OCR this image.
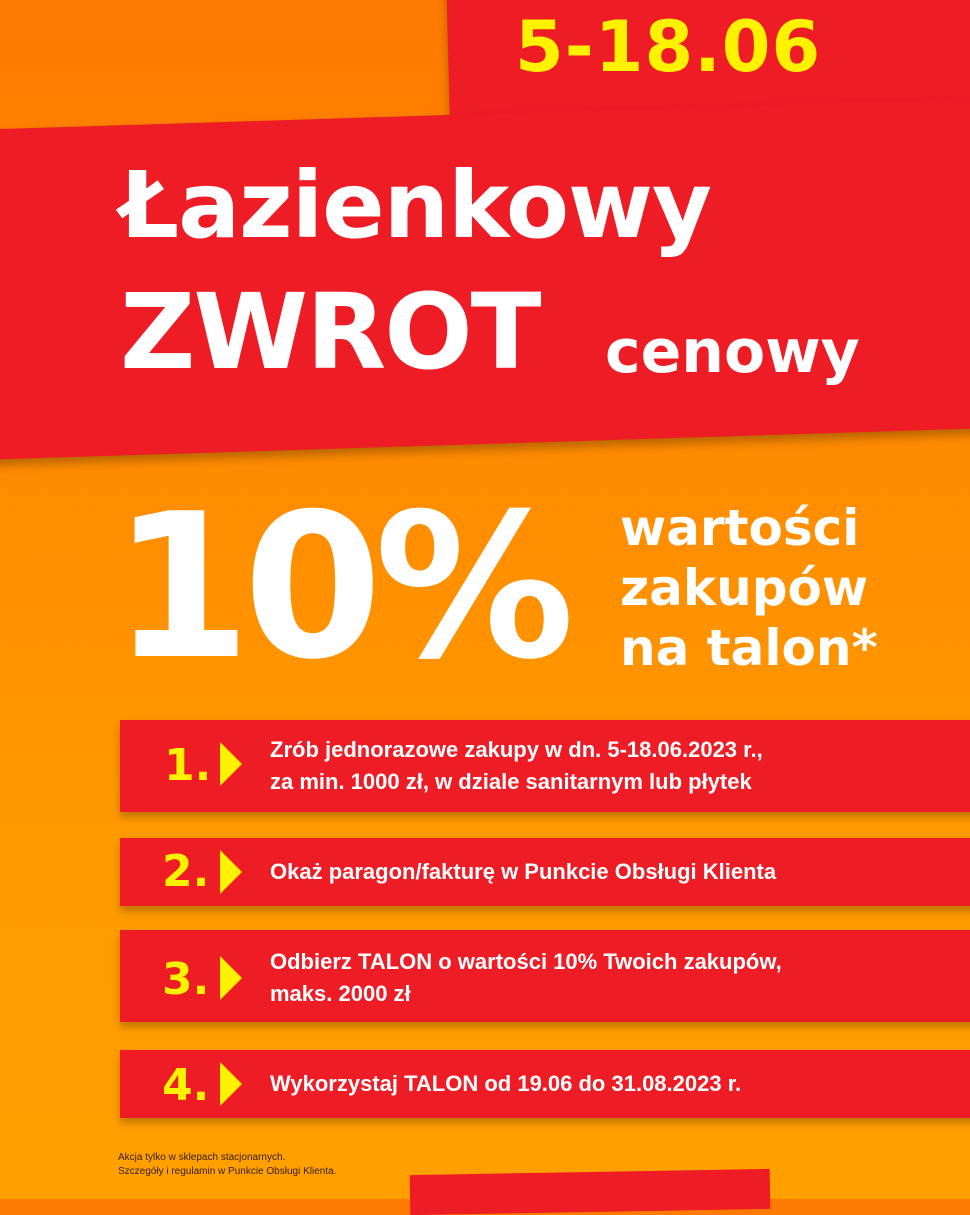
5-18.06
Łazienkowy
ZWROT cenowy
10% wartości
zakupów
na talon*
1.	Zrób jednorazowe zakupy w dn. 5-18.06.2023 r.,
za min. 1000 zł, w dziale sanitarnym lub płytek
2.	Okaż paragon/fakturę w Punkcie Obsługi Klienta
3.	Odbierz TALON o wartości 10% Twoich zakupów,
maks. 2000 zł
4.	Wykorzystaj TALON od 19.06 do 31.08.2023 r.
Akcja tylko w sklepach stacjonarnych.
Szczegóły i regulamin w Punkcie Obsługi Klienta.
